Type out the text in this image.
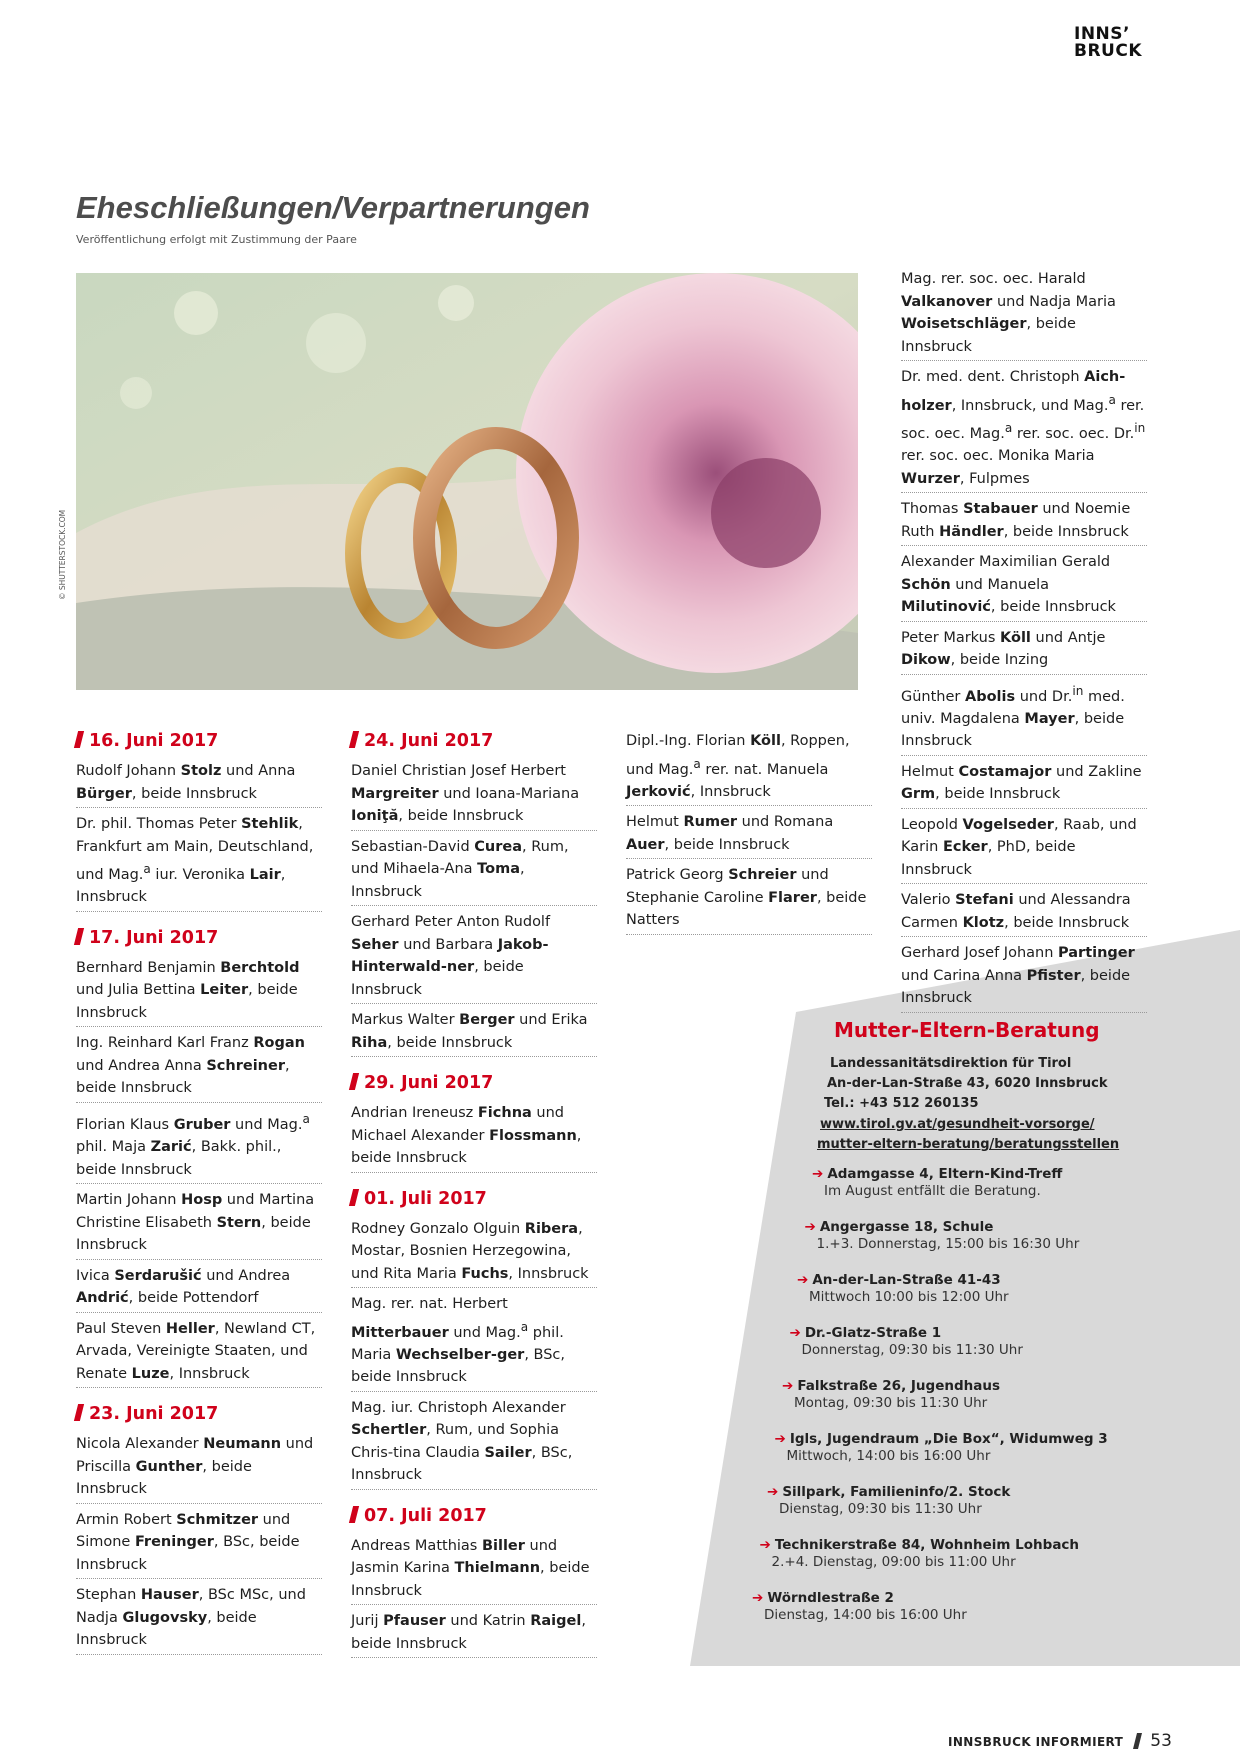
INNS’
BRUCK
Eheschließungen/Verpartnerungen
Veröffentlichung erfolgt mit Zustimmung der Paare
© SHUTTERSTOCK.COM
16. Juni 2017
Rudolf Johann Stolz und Anna Bürger, beide Innsbruck
Dr. phil. Thomas Peter Stehlik, Frankfurt am Main, Deutschland, und Mag.$^a$ iur. Veronika Lair, Innsbruck
17. Juni 2017
Bernhard Benjamin Berchtold und Julia Bettina Leiter, beide Innsbruck
Ing. Reinhard Karl Franz Rogan und Andrea Anna Schreiner, beide Innsbruck
Florian Klaus Gruber und Mag.$^a$ phil. Maja Zarić, Bakk. phil., beide Innsbruck
Martin Johann Hosp und Martina Christine Elisabeth Stern, beide Innsbruck
Ivica Serdarušić und Andrea Andrić, beide Pottendorf
Paul Steven Heller, Newland CT, Arvada, Vereinigte Staaten, und Renate Luze, Innsbruck
23. Juni 2017
Nicola Alexander Neumann und Priscilla Gunther, beide Innsbruck
Armin Robert Schmitzer und Simone Freninger, BSc, beide Innsbruck
Stephan Hauser, BSc MSc, und Nadja Glugovsky, beide Innsbruck
24. Juni 2017
Daniel Christian Josef Herbert Margreiter und Ioana-Mariana Ioniţă, beide Innsbruck
Sebastian-David Curea, Rum, und Mihaela-Ana Toma, Innsbruck
Gerhard Peter Anton Rudolf Seher und Barbara Jakob-Hinterwald-ner, beide Innsbruck
Markus Walter Berger und Erika Riha, beide Innsbruck
29. Juni 2017
Andrian Ireneusz Fichna und Michael Alexander Flossmann, beide Innsbruck
01. Juli 2017
Rodney Gonzalo Olguin Ribera, Mostar, Bosnien Herzegowina, und Rita Maria Fuchs, Innsbruck
Mag. rer. nat. Herbert Mitterbauer und Mag.$^a$ phil. Maria Wechselber-ger, BSc, beide Innsbruck
Mag. iur. Christoph Alexander Schertler, Rum, und Sophia Chris-tina Claudia Sailer, BSc, Innsbruck
07. Juli 2017
Andreas Matthias Biller und Jasmin Karina Thielmann, beide Innsbruck
Jurij Pfauser und Katrin Raigel, beide Innsbruck
Dipl.-Ing. Florian Köll, Roppen, und Mag.$^a$ rer. nat. Manuela Jerković, Innsbruck
Helmut Rumer und Romana Auer, beide Innsbruck
Patrick Georg Schreier und Stephanie Caroline Flarer, beide Natters
Mag. rer. soc. oec. Harald Valkanover und Nadja Maria Woisetschläger, beide Innsbruck
Dr. med. dent. Christoph Aich-holzer, Innsbruck, und Mag.$^a$ rer. soc. oec. Mag.$^a$ rer. soc. oec. Dr.$^{in}$ rer. soc. oec. Monika Maria Wurzer, Fulpmes
Thomas Stabauer und Noemie Ruth Händler, beide Innsbruck
Alexander Maximilian Gerald Schön und Manuela Milutinović, beide Innsbruck
Peter Markus Köll und Antje Dikow, beide Inzing
Günther Abolis und Dr.$^{in}$ med. univ. Magdalena Mayer, beide Innsbruck
Helmut Costamajor und Zakline Grm, beide Innsbruck
Leopold Vogelseder, Raab, und Karin Ecker, PhD, beide Innsbruck
Valerio Stefani und Alessandra Carmen Klotz, beide Innsbruck
Gerhard Josef Johann Partinger und Carina Anna Pfister, beide Innsbruck
Mutter-Eltern-Beratung
Landessanitätsdirektion für Tirol
An-der-Lan-Straße 43, 6020 Innsbruck
Tel.: +43 512 260135
www.tirol.gv.at/gesundheit-vorsorge/
mutter-eltern-beratung/beratungsstellen
➔ Adamgasse 4, Eltern-Kind-Treff
Im August entfällt die Beratung.
➔ Angergasse 18, Schule
1.+3. Donnerstag, 15:00 bis 16:30 Uhr
➔ An-der-Lan-Straße 41-43
Mittwoch 10:00 bis 12:00 Uhr
➔ Dr.-Glatz-Straße 1
Donnerstag, 09:30 bis 11:30 Uhr
➔ Falkstraße 26, Jugendhaus
Montag, 09:30 bis 11:30 Uhr
➔ Igls, Jugendraum „Die Box“, Widumweg 3
Mittwoch, 14:00 bis 16:00 Uhr
➔ Sillpark, Familieninfo/2. Stock
Dienstag, 09:30 bis 11:30 Uhr
➔ Technikerstraße 84, Wohnheim Lohbach
2.+4. Dienstag, 09:00 bis 11:00 Uhr
➔ Wörndlestraße 2
Dienstag, 14:00 bis 16:00 Uhr
INNSBRUCK INFORMIERT 53
